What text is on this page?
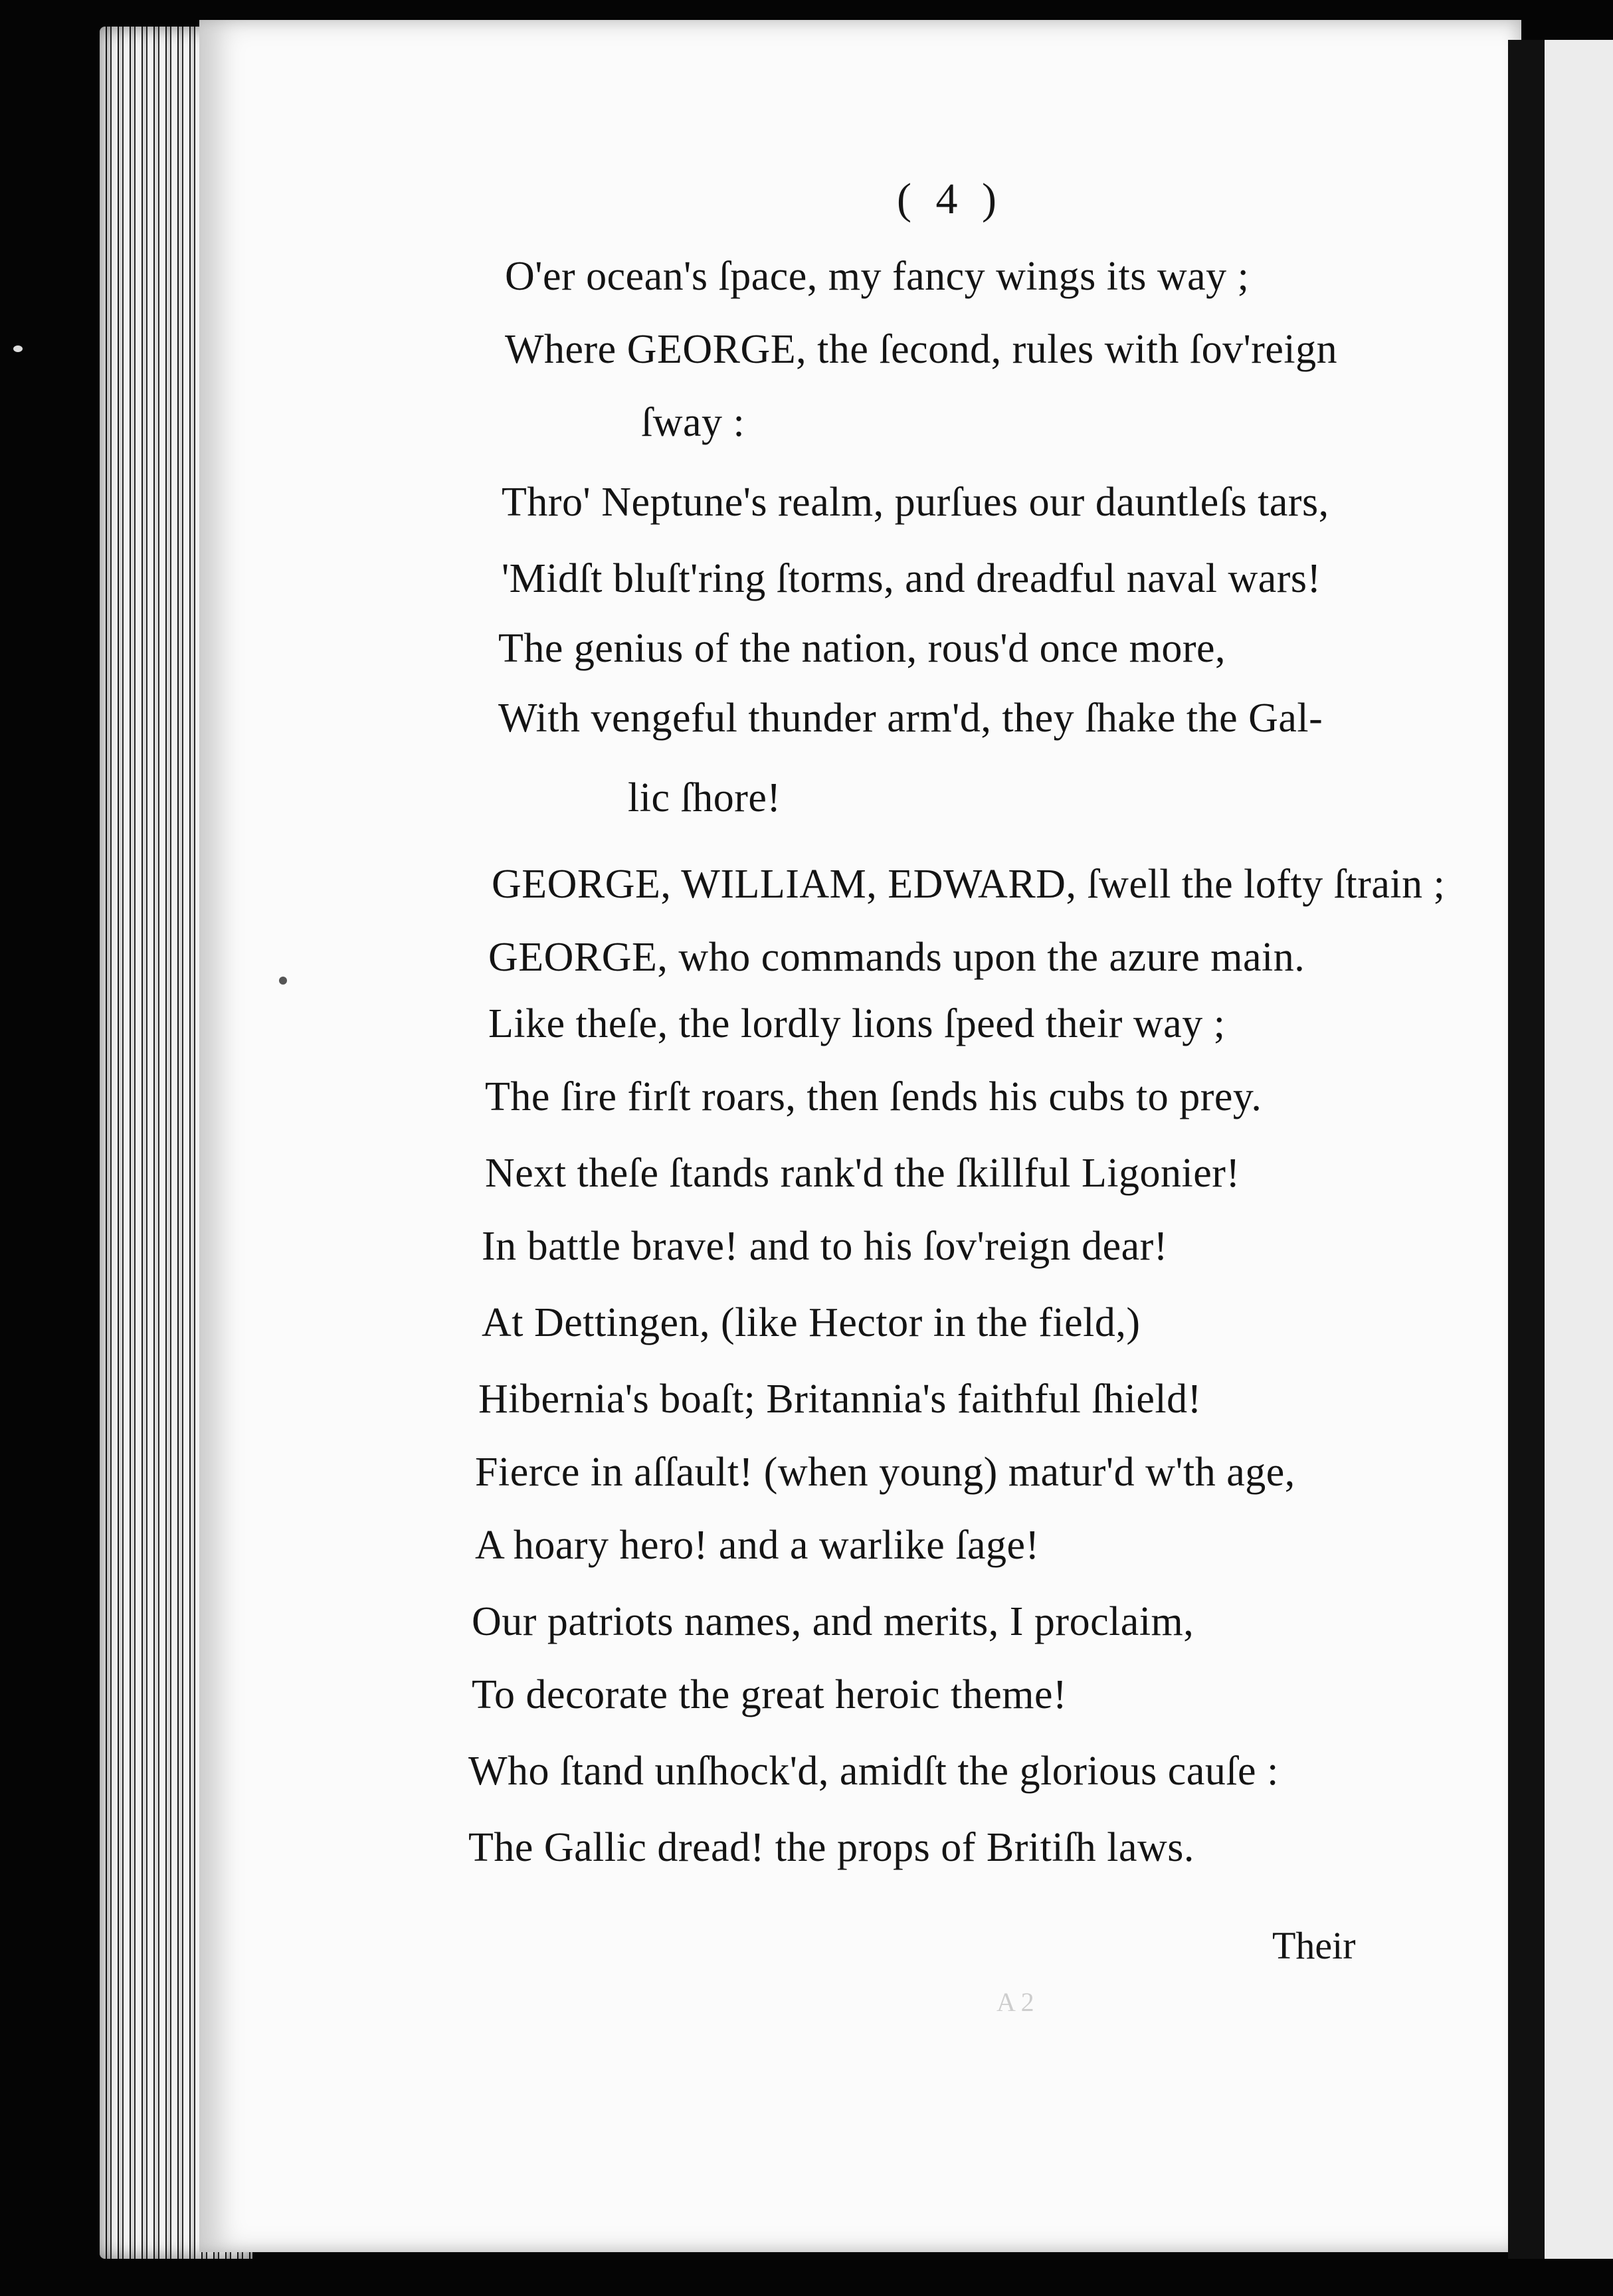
( 4 )
O'er ocean's ſpace, my fancy wings its way ;
Where GEORGE, the ſecond, rules with ſov'reign
ſway :
Thro' Neptune's realm, purſues our dauntleſs tars,
'Midſt bluſt'ring ſtorms, and dreadful naval wars!
The genius of the nation, rous'd once more,
With vengeful thunder arm'd, they ſhake the Gal-
lic ſhore!
GEORGE, WILLIAM, EDWARD, ſwell the lofty ſtrain ;
GEORGE, who commands upon the azure main.
Like theſe, the lordly lions ſpeed their way ;
The ſire firſt roars, then ſends his cubs to prey.
Next theſe ſtands rank'd the ſkillful Ligonier!
In battle brave! and to his ſov'reign dear!
At Dettingen, (like Hector in the field,)
Hibernia's boaſt; Britannia's faithful ſhield!
Fierce in aſſault! (when young) matur'd w'th age,
A hoary hero! and a warlike ſage!
Our patriots names, and merits, I proclaim,
To decorate the great heroic theme!
Who ſtand unſhock'd, amidſt the glorious cauſe :
The Gallic dread! the props of Britiſh laws.
Their
A 2
